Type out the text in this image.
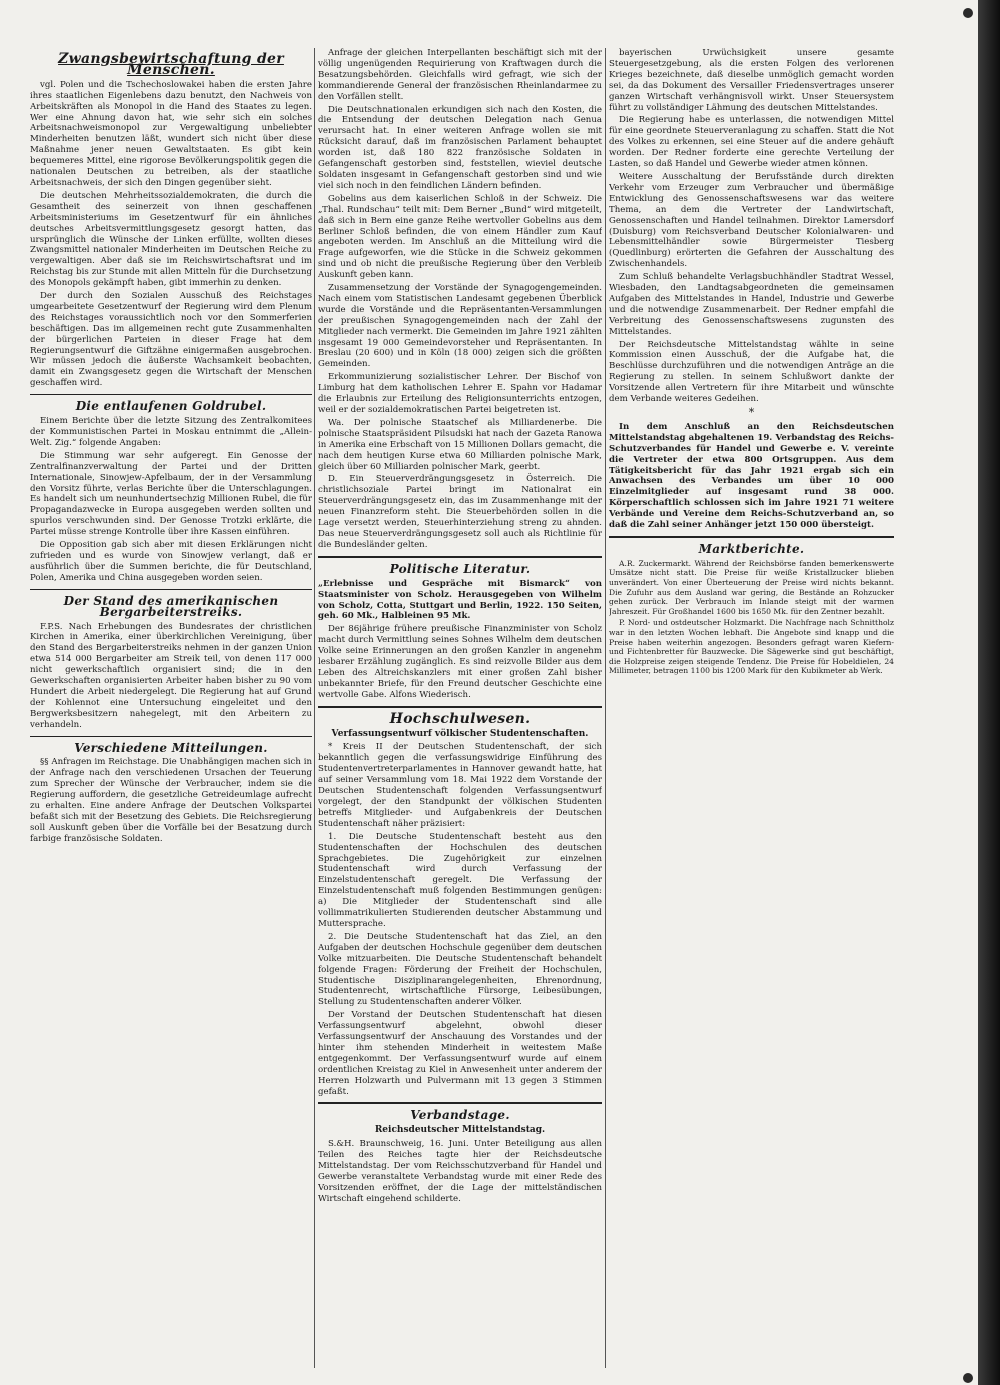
Zwangsbewirtschaftung der Menschen.

vgl. Polen und die Tschechoslowakei haben die ersten Jahre ihres staatlichen Eigenlebens dazu benutzt, den Nachweis von Arbeitskräften als Monopol in die Hand des Staates zu legen. Wer eine Ahnung davon hat, wie sehr sich ein solches Arbeitsnachweismonopol zur Vergewaltigung unbeliebter Minderheiten benutzen läßt, wundert sich nicht über diese Maßnahme jener neuen Gewaltstaaten. Es gibt kein bequemeres Mittel, eine rigorose Bevölkerungspolitik gegen die nationalen Deutschen zu betreiben, als der staatliche Arbeitsnachweis, der sich den Dingen gegenüber sieht.

Die deutschen Mehrheitssozialdemokraten, die durch die Gesamtheit des seinerzeit von ihnen geschaffenen Arbeitsministeriums im Gesetzentwurf für ein ähnliches deutsches Arbeitsvermittlungsgesetz gesorgt hatten, das ursprünglich die Wünsche der Linken erfüllte, wollten dieses Zwangsmittel nationaler Minderheiten im Deutschen Reiche zu vergewaltigen. Aber daß sie im Reichswirtschaftsrat und im Reichstag bis zur Stunde mit allen Mitteln für die Durchsetzung des Monopols gekämpft haben, gibt immerhin zu denken.

Der durch den Sozialen Ausschuß des Reichstages umgearbeitete Gesetzentwurf der Regierung wird dem Plenum des Reichstages voraussichtlich noch vor den Sommerferien beschäftigen. Das im allgemeinen recht gute Zusammenhalten der bürgerlichen Parteien in dieser Frage hat dem Regierungsentwurf die Giftzähne einigermaßen ausgebrochen. Wir müssen jedoch die äußerste Wachsamkeit beobachten, damit ein Zwangsgesetz gegen die Wirtschaft der Menschen geschaffen wird.

Die entlaufenen Goldrubel.

Einem Berichte über die letzte Sitzung des Zentralkomitees der Kommunistischen Partei in Moskau entnimmt die „Allein-Welt. Zig.“ folgende Angaben:

Die Stimmung war sehr aufgeregt. Ein Genosse der Zentralfinanzverwaltung der Partei und der Dritten Internationale, Sinowjew-Apfelbaum, der in der Versammlung den Vorsitz führte, verlas Berichte über die Unterschlagungen. Es handelt sich um neunhundertsechzig Millionen Rubel, die für Propagandazwecke in Europa ausgegeben werden sollten und spurlos verschwunden sind. Der Genosse Trotzki erklärte, die Partei müsse strenge Kontrolle über ihre Kassen einführen.

Die Opposition gab sich aber mit diesen Erklärungen nicht zufrieden und es wurde von Sinowjew verlangt, daß er ausführlich über die Summen berichte, die für Deutschland, Polen, Amerika und China ausgegeben worden seien.

Der Stand des amerikanischen Bergarbeiterstreiks.

F.P.S. Nach Erhebungen des Bundesrates der christlichen Kirchen in Amerika, einer überkirchlichen Vereinigung, über den Stand des Bergarbeiterstreiks nehmen in der ganzen Union etwa 514 000 Bergarbeiter am Streik teil, von denen 117 000 nicht gewerkschaftlich organisiert sind; die in den Gewerkschaften organisierten Arbeiter haben bisher zu 90 vom Hundert die Arbeit niedergelegt. Die Regierung hat auf Grund der Kohlennot eine Untersuchung eingeleitet und den Bergwerksbesitzern nahegelegt, mit den Arbeitern zu verhandeln.

Verschiedene Mitteilungen.

§§ Anfragen im Reichstage. Die Unabhängigen machen sich in der Anfrage nach den verschiedenen Ursachen der Teuerung zum Sprecher der Wünsche der Verbraucher, indem sie die Regierung auffordern, die gesetzliche Getreideumlage aufrecht zu erhalten. Eine andere Anfrage der Deutschen Volkspartei befaßt sich mit der Besetzung des Gebiets. Die Reichsregierung soll Auskunft geben über die Vorfälle bei der Besatzung durch farbige französische Soldaten.

Anfrage der gleichen Interpellanten beschäftigt sich mit der völlig ungenügenden Requirierung von Kraftwagen durch die Besatzungsbehörden. Gleichfalls wird gefragt, wie sich der kommandierende General der französischen Rheinlandarmee zu den Vorfällen stellt.

Die Deutschnationalen erkundigen sich nach den Kosten, die die Entsendung der deutschen Delegation nach Genua verursacht hat. In einer weiteren Anfrage wollen sie mit Rücksicht darauf, daß im französischen Parlament behauptet worden ist, daß 180 822 französische Soldaten in Gefangenschaft gestorben sind, feststellen, wieviel deutsche Soldaten insgesamt in Gefangenschaft gestorben sind und wie viel sich noch in den feindlichen Ländern befinden.

Gobelins aus dem kaiserlichen Schloß in der Schweiz. Die „Thal. Rundschau“ teilt mit: Dem Berner „Bund“ wird mitgeteilt, daß sich in Bern eine ganze Reihe wertvoller Gobelins aus dem Berliner Schloß befinden, die von einem Händler zum Kauf angeboten werden. Im Anschluß an die Mitteilung wird die Frage aufgeworfen, wie die Stücke in die Schweiz gekommen sind und ob nicht die preußische Regierung über den Verbleib Auskunft geben kann.

Zusammensetzung der Vorstände der Synagogengemeinden. Nach einem vom Statistischen Landesamt gegebenen Überblick wurde die Vorstände und die Repräsentanten-Versammlungen der preußischen Synagogengemeinden nach der Zahl der Mitglieder nach vermerkt. Die Gemeinden im Jahre 1921 zählten insgesamt 19 000 Gemeindevorsteher und Repräsentanten. In Breslau (20 600) und in Köln (18 000) zeigen sich die größten Gemeinden.

Erkommunizierung sozialistischer Lehrer. Der Bischof von Limburg hat dem katholischen Lehrer E. Spahn vor Hadamar die Erlaubnis zur Erteilung des Religionsunterrichts entzogen, weil er der sozialdemokratischen Partei beigetreten ist.

Wa. Der polnische Staatschef als Milliardenerbe. Die polnische Staatspräsident Pilsudski hat nach der Gazeta Ranowa in Amerika eine Erbschaft von 15 Millionen Dollars gemacht, die nach dem heutigen Kurse etwa 60 Milliarden polnische Mark, gleich über 60 Milliarden polnischer Mark, geerbt.

D. Ein Steuerverdrängungsgesetz in Österreich. Die christlichsoziale Partei bringt im Nationalrat ein Steuerverdrängungsgesetz ein, das im Zusammenhange mit der neuen Finanzreform steht. Die Steuerbehörden sollen in die Lage versetzt werden, Steuerhinterziehung streng zu ahnden. Das neue Steuerverdrängungsgesetz soll auch als Richtlinie für die Bundesländer gelten.

Politische Literatur.

„Erlebnisse und Gespräche mit Bismarck“ von Staatsminister von Scholz. Herausgegeben von Wilhelm von Scholz, Cotta, Stuttgart und Berlin, 1922. 150 Seiten, geh. 60 Mk., Halbleinen 95 Mk.

Der 86jährige frühere preußische Finanzminister von Scholz macht durch Vermittlung seines Sohnes Wilhelm dem deutschen Volke seine Erinnerungen an den großen Kanzler in angenehm lesbarer Erzählung zugänglich. Es sind reizvolle Bilder aus dem Leben des Altreichskanzlers mit einer großen Zahl bisher unbekannter Briefe, für den Freund deutscher Geschichte eine wertvolle Gabe. Alfons Wiederisch.

Hochschulwesen.
Verfassungsentwurf völkischer Studentenschaften.

* Kreis II der Deutschen Studentenschaft, der sich bekanntlich gegen die verfassungswidrige Einführung des Studentenvertreterparlamentes in Hannover gewandt hatte, hat auf seiner Versammlung vom 18. Mai 1922 dem Vorstande der Deutschen Studentenschaft folgenden Verfassungsentwurf vorgelegt, der den Standpunkt der völkischen Studenten betreffs Mitglieder- und Aufgabenkreis der Deutschen Studentenschaft näher präzisiert:

1. Die Deutsche Studentenschaft besteht aus den Studentenschaften der Hochschulen des deutschen Sprachgebietes. Die Zugehörigkeit zur einzelnen Studentenschaft wird durch Verfassung der Einzelstudentenschaft geregelt. Die Verfassung der Einzelstudentenschaft muß folgenden Bestimmungen genügen: a) Die Mitglieder der Studentenschaft sind alle vollimmatrikulierten Studierenden deutscher Abstammung und Muttersprache.

2. Die Deutsche Studentenschaft hat das Ziel, an den Aufgaben der deutschen Hochschule gegenüber dem deutschen Volke mitzuarbeiten. Die Deutsche Studentenschaft behandelt folgende Fragen: Förderung der Freiheit der Hochschulen, Studentische Disziplinarangelegenheiten, Ehrenordnung, Studentenrecht, wirtschaftliche Fürsorge, Leibesübungen, Stellung zu Studentenschaften anderer Völker.

Der Vorstand der Deutschen Studentenschaft hat diesen Verfassungsentwurf abgelehnt, obwohl dieser Verfassungsentwurf der Anschauung des Vorstandes und der hinter ihm stehenden Minderheit in weitestem Maße entgegenkommt. Der Verfassungsentwurf wurde auf einem ordentlichen Kreistag zu Kiel in Anwesenheit unter anderem der Herren Holzwarth und Pulvermann mit 13 gegen 3 Stimmen gefaßt.

Verbandstage.
Reichsdeutscher Mittelstandstag.

S.&H. Braunschweig, 16. Juni. Unter Beteiligung aus allen Teilen des Reiches tagte hier der Reichsdeutsche Mittelstandstag. Der vom Reichsschutzverband für Handel und Gewerbe veranstaltete Verbandstag wurde mit einer Rede des Vorsitzenden eröffnet, der die Lage der mittelständischen Wirtschaft eingehend schilderte.

bayerischen Urwüchsigkeit unsere gesamte Steuergesetzgebung, als die ersten Folgen des verlorenen Krieges bezeichnete, daß dieselbe unmöglich gemacht worden sei, da das Dokument des Versailler Friedensvertrages unserer ganzen Wirtschaft verhängnisvoll wirkt. Unser Steuersystem führt zu vollständiger Lähmung des deutschen Mittelstandes.

Die Regierung habe es unterlassen, die notwendigen Mittel für eine geordnete Steuerveranlagung zu schaffen. Statt die Not des Volkes zu erkennen, sei eine Steuer auf die andere gehäuft worden. Der Redner forderte eine gerechte Verteilung der Lasten, so daß Handel und Gewerbe wieder atmen können.

Weitere Ausschaltung der Berufsstände durch direkten Verkehr vom Erzeuger zum Verbraucher und übermäßige Entwicklung des Genossenschaftswesens war das weitere Thema, an dem die Vertreter der Landwirtschaft, Genossenschaften und Handel teilnahmen. Direktor Lamersdorf (Duisburg) vom Reichsverband Deutscher Kolonialwaren- und Lebensmittelhändler sowie Bürgermeister Tiesberg (Quedlinburg) erörterten die Gefahren der Ausschaltung des Zwischenhandels.

Zum Schluß behandelte Verlagsbuchhändler Stadtrat Wessel, Wiesbaden, den Landtagsabgeordneten die gemeinsamen Aufgaben des Mittelstandes in Handel, Industrie und Gewerbe und die notwendige Zusammenarbeit. Der Redner empfahl die Verbreitung des Genossenschaftswesens zugunsten des Mittelstandes.

Der Reichsdeutsche Mittelstandstag wählte in seine Kommission einen Ausschuß, der die Aufgabe hat, die Beschlüsse durchzuführen und die notwendigen Anträge an die Regierung zu stellen. In seinem Schlußwort dankte der Vorsitzende allen Vertretern für ihre Mitarbeit und wünschte dem Verbande weiteres Gedeihen.

*

In dem Anschluß an den Reichsdeutschen Mittelstandstag abgehaltenen 19. Verbandstag des Reichs-Schutzverbandes für Handel und Gewerbe e. V. vereinte die Vertreter der etwa 800 Ortsgruppen. Aus dem Tätigkeitsbericht für das Jahr 1921 ergab sich ein Anwachsen des Verbandes um über 10 000 Einzelmitglieder auf insgesamt rund 38 000. Körperschaftlich schlossen sich im Jahre 1921 71 weitere Verbände und Vereine dem Reichs-Schutzverband an, so daß die Zahl seiner Anhänger jetzt 150 000 übersteigt.

Marktberichte.

A.R. Zuckermarkt. Während der Reichsbörse fanden bemerkenswerte Umsätze nicht statt. Die Preise für weiße Kristallzucker blieben unverändert. Von einer Überteuerung der Preise wird nichts bekannt. Die Zufuhr aus dem Ausland war gering, die Bestände an Rohzucker gehen zurück. Der Verbrauch im Inlande steigt mit der warmen Jahreszeit. Für Großhandel 1600 bis 1650 Mk. für den Zentner bezahlt.

P. Nord- und ostdeutscher Holzmarkt. Die Nachfrage nach Schnittholz war in den letzten Wochen lebhaft. Die Angebote sind knapp und die Preise haben weiterhin angezogen. Besonders gefragt waren Kiefern- und Fichtenbretter für Bauzwecke. Die Sägewerke sind gut beschäftigt, die Holzpreise zeigen steigende Tendenz. Die Preise für Hobeldielen, 24 Millimeter, betragen 1100 bis 1200 Mark für den Kubikmeter ab Werk.
